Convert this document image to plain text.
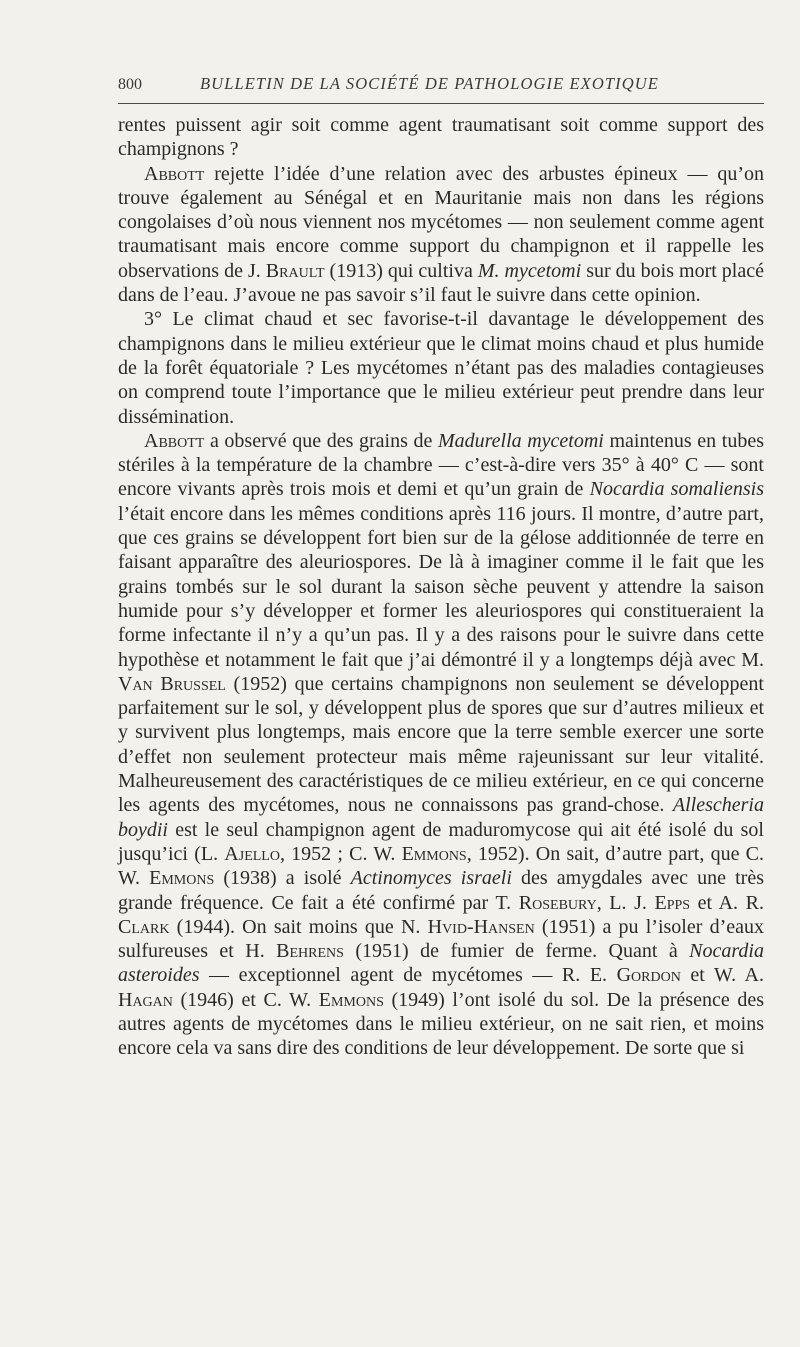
800	BULLETIN DE LA SOCIÉTÉ DE PATHOLOGIE EXOTIQUE

rentes puissent agir soit comme agent traumatisant soit comme support des champignons ?

Abbott rejette l’idée d’une relation avec des arbustes épineux — qu’on trouve également au Sénégal et en Mauritanie mais non dans les régions congolaises d’où nous viennent nos mycétomes — non seulement comme agent traumatisant mais encore comme support du champignon et il rappelle les observations de J. Brault (1913) qui cultiva M. mycetomi sur du bois mort placé dans de l’eau. J’avoue ne pas savoir s’il faut le suivre dans cette opinion.

3° Le climat chaud et sec favorise-t-il davantage le développement des champignons dans le milieu extérieur que le climat moins chaud et plus humide de la forêt équatoriale ? Les mycétomes n’étant pas des maladies contagieuses on comprend toute l’importance que le milieu extérieur peut prendre dans leur dissémination.

Abbott a observé que des grains de Madurella mycetomi maintenus en tubes stériles à la température de la chambre — c’est-à-dire vers 35° à 40° C — sont encore vivants après trois mois et demi et qu’un grain de Nocardia somaliensis l’était encore dans les mêmes conditions après 116 jours. Il montre, d’autre part, que ces grains se développent fort bien sur de la gélose additionnée de terre en faisant apparaître des aleuriospores. De là à imaginer comme il le fait que les grains tombés sur le sol durant la saison sèche peuvent y attendre la saison humide pour s’y développer et former les aleuriospores qui constitueraient la forme infectante il n’y a qu’un pas. Il y a des raisons pour le suivre dans cette hypothèse et notamment le fait que j’ai démontré il y a longtemps déjà avec M. Van Brussel (1952) que certains champignons non seulement se développent parfaitement sur le sol, y développent plus de spores que sur d’autres milieux et y survivent plus longtemps, mais encore que la terre semble exercer une sorte d’effet non seulement protecteur mais même rajeunissant sur leur vitalité. Malheureusement des caractéristiques de ce milieu extérieur, en ce qui concerne les agents des mycétomes, nous ne connaissons pas grand-chose. Allescheria boydii est le seul champignon agent de maduromycose qui ait été isolé du sol jusqu’ici (L. Ajello, 1952 ; C. W. Emmons, 1952). On sait, d’autre part, que C. W. Emmons (1938) a isolé Actinomyces israeli des amygdales avec une très grande fréquence. Ce fait a été confirmé par T. Rosebury, L. J. Epps et A. R. Clark (1944). On sait moins que N. Hvid-Hansen (1951) a pu l’isoler d’eaux sulfureuses et H. Behrens (1951) de fumier de ferme. Quant à Nocardia asteroides — exceptionnel agent de mycétomes — R. E. Gordon et W. A. Hagan (1946) et C. W. Emmons (1949) l’ont isolé du sol. De la présence des autres agents de mycétomes dans le milieu extérieur, on ne sait rien, et moins encore cela va sans dire des conditions de leur développement. De sorte que si
